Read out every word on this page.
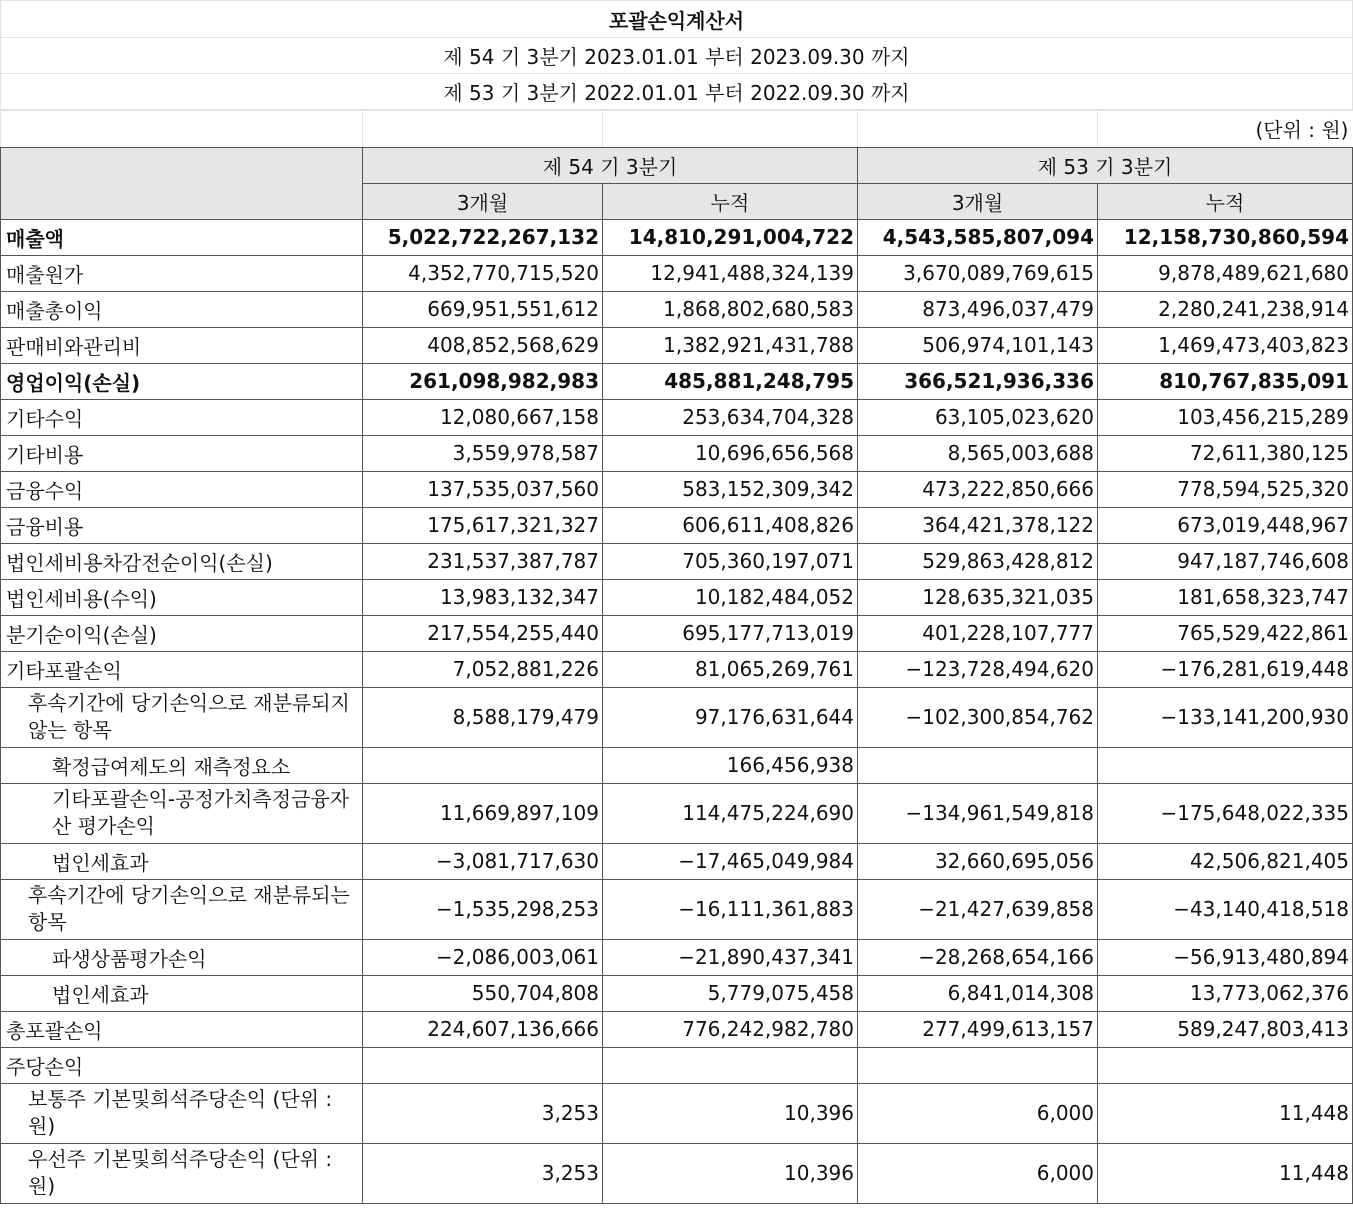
포괄손익계산서
제 54 기 3분기 2023.01.01 부터 2023.09.30 까지
제 53 기 3분기 2022.01.01 부터 2022.09.30 까지
				(단위 : 원)
	제 54 기 3분기		제 53 기 3분기	
	3개월	누적	3개월	누적
매출액	5,022,722,267,132	14,810,291,004,722	4,543,585,807,094	12,158,730,860,594
매출원가	4,352,770,715,520	12,941,488,324,139	3,670,089,769,615	9,878,489,621,680
매출총이익	669,951,551,612	1,868,802,680,583	873,496,037,479	2,280,241,238,914
판매비와관리비	408,852,568,629	1,382,921,431,788	506,974,101,143	1,469,473,403,823
영업이익(손실)	261,098,982,983	485,881,248,795	366,521,936,336	810,767,835,091
기타수익	12,080,667,158	253,634,704,328	63,105,023,620	103,456,215,289
기타비용	3,559,978,587	10,696,656,568	8,565,003,688	72,611,380,125
금융수익	137,535,037,560	583,152,309,342	473,222,850,666	778,594,525,320
금융비용	175,617,321,327	606,611,408,826	364,421,378,122	673,019,448,967
법인세비용차감전순이익(손실)	231,537,387,787	705,360,197,071	529,863,428,812	947,187,746,608
법인세비용(수익)	13,983,132,347	10,182,484,052	128,635,321,035	181,658,323,747
분기순이익(손실)	217,554,255,440	695,177,713,019	401,228,107,777	765,529,422,861
기타포괄손익	7,052,881,226	81,065,269,761	−123,728,494,620	−176,281,619,448
후속기간에 당기손익으로 재분류되지 않는 항목	8,588,179,479	97,176,631,644	−102,300,854,762	−133,141,200,930
확정급여제도의 재측정요소		166,456,938		
기타포괄손익-공정가치측정금융자산 평가손익	11,669,897,109	114,475,224,690	−134,961,549,818	−175,648,022,335
법인세효과	−3,081,717,630	−17,465,049,984	32,660,695,056	42,506,821,405
후속기간에 당기손익으로 재분류되는 항목	−1,535,298,253	−16,111,361,883	−21,427,639,858	−43,140,418,518
파생상품평가손익	−2,086,003,061	−21,890,437,341	−28,268,654,166	−56,913,480,894
법인세효과	550,704,808	5,779,075,458	6,841,014,308	13,773,062,376
총포괄손익	224,607,136,666	776,242,982,780	277,499,613,157	589,247,803,413
주당손익				
보통주 기본및희석주당손익 (단위 : 원)	3,253	10,396	6,000	11,448
우선주 기본및희석주당손익 (단위 : 원)	3,253	10,396	6,000	11,448
